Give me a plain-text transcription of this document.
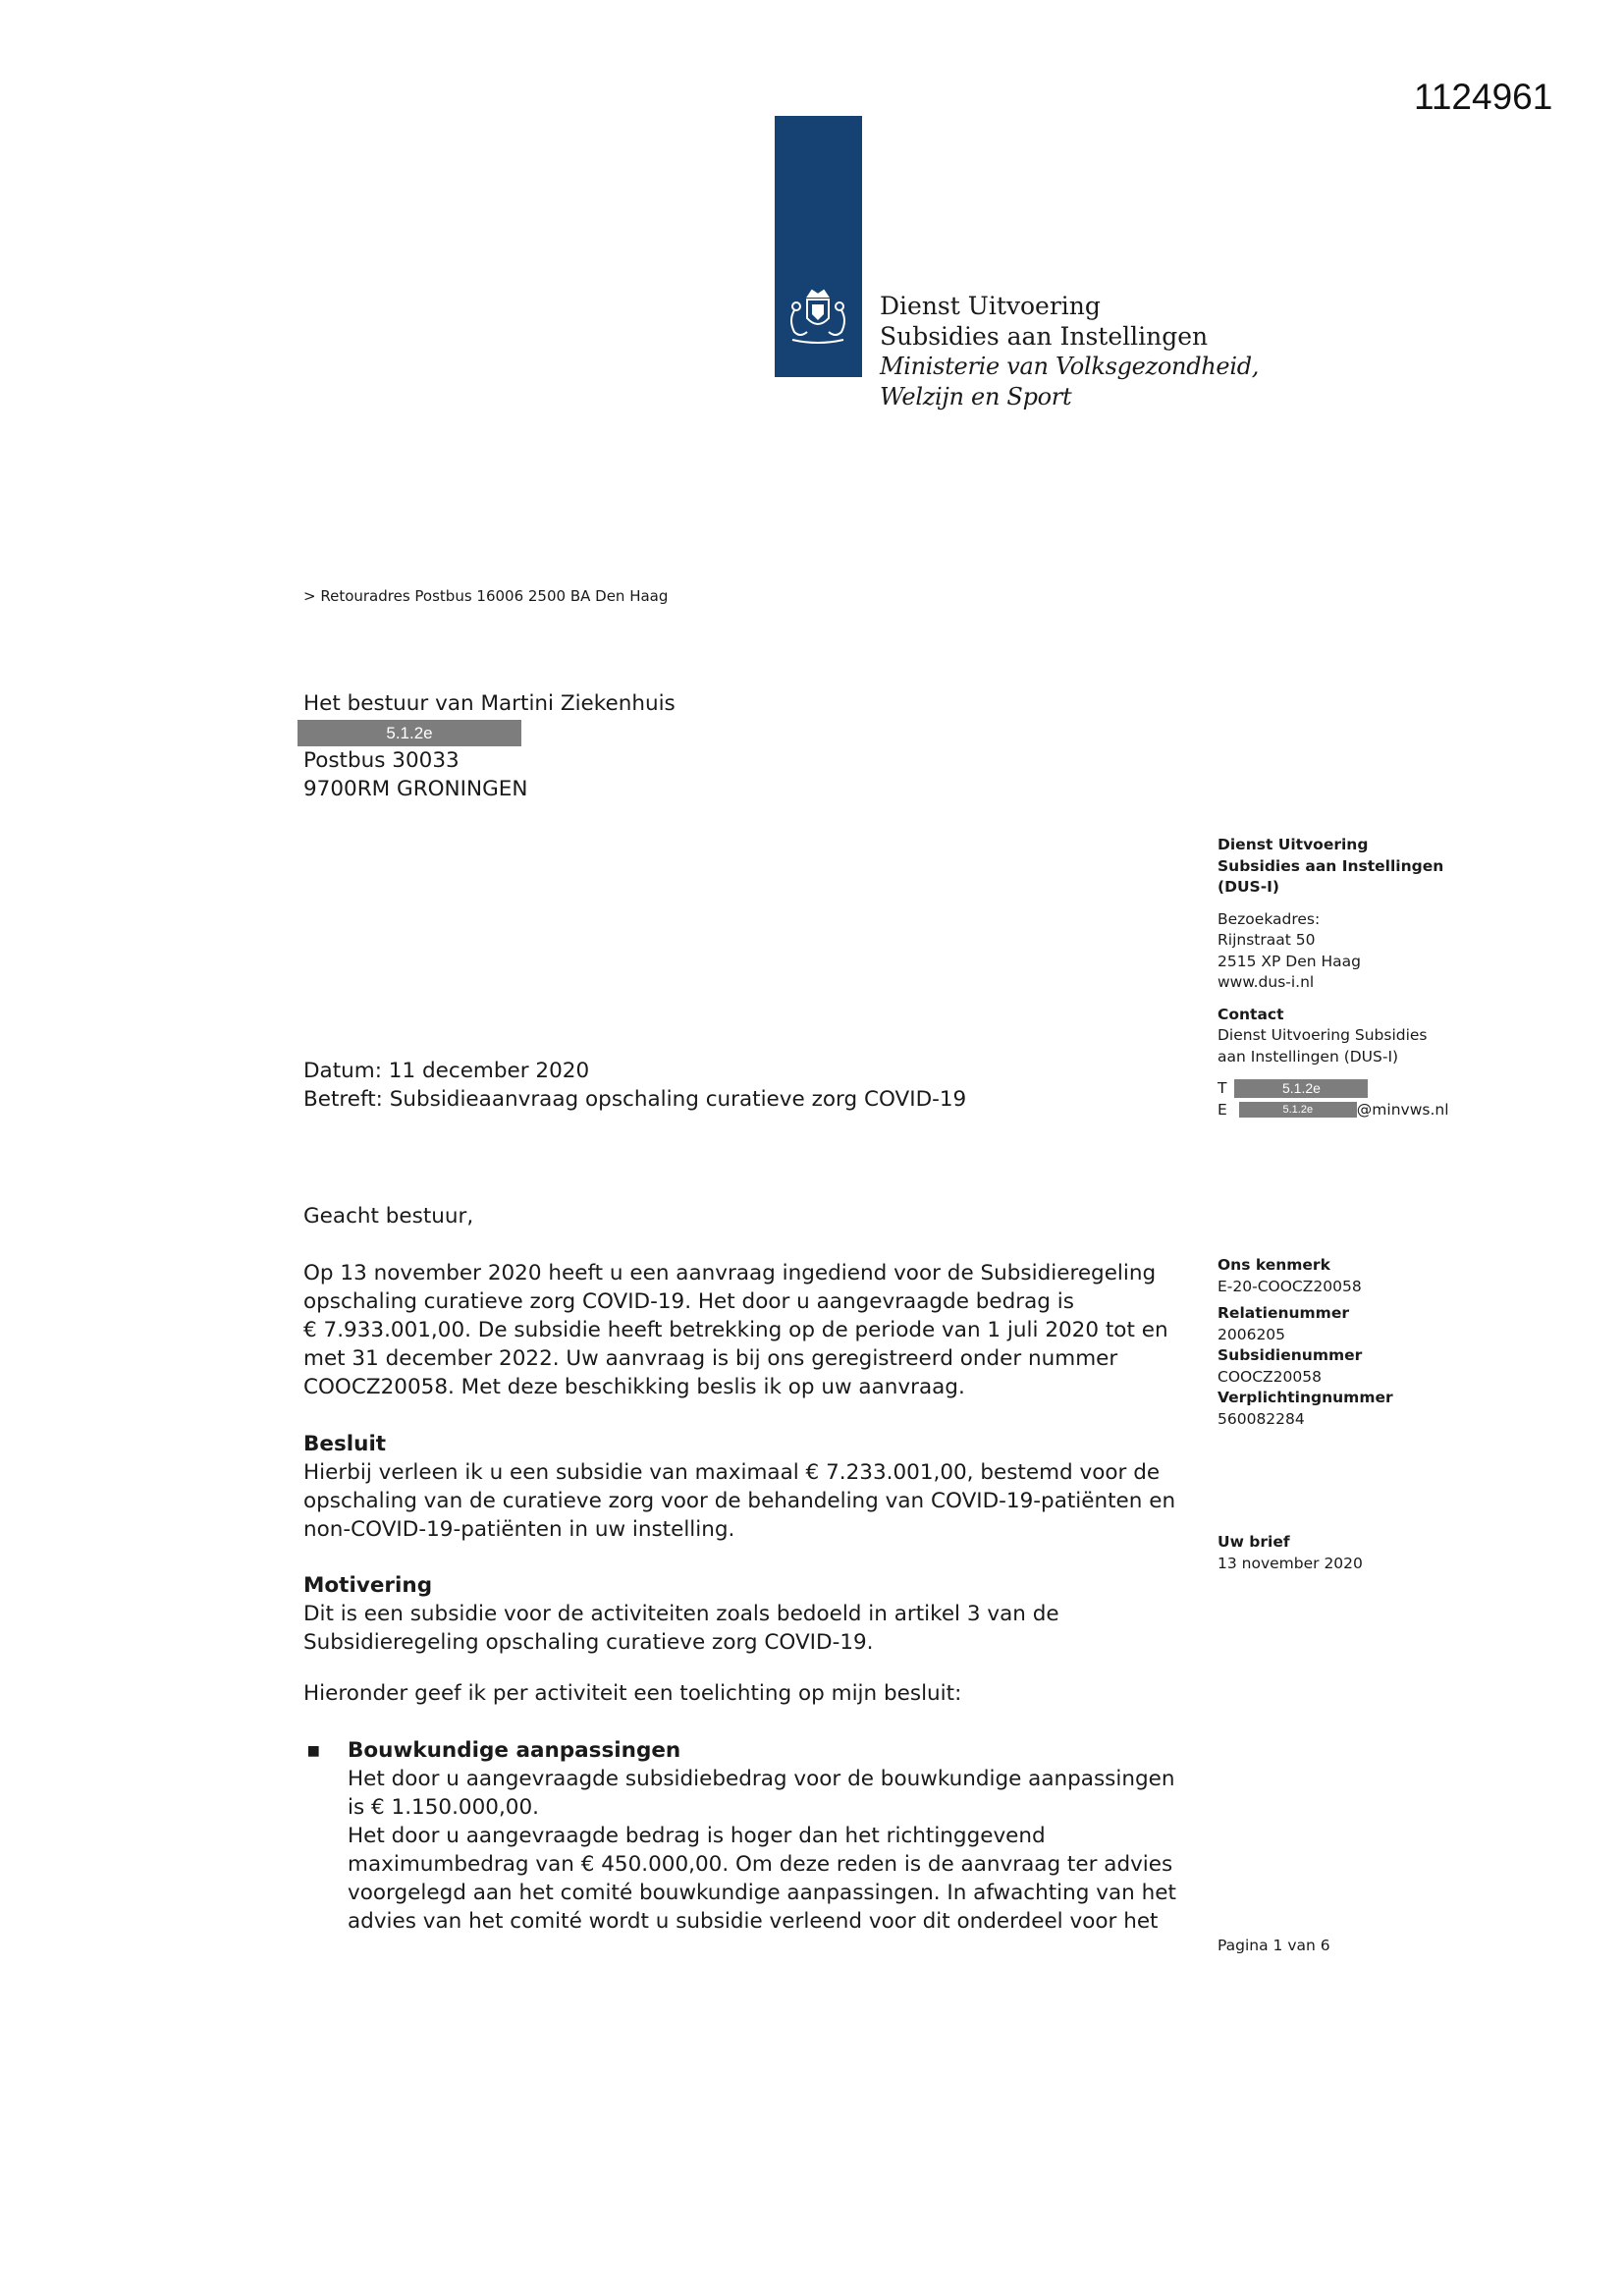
1124961
Dienst Uitvoering
Subsidies aan Instellingen
Ministerie van Volksgezondheid,
Welzijn en Sport
> Retouradres Postbus 16006 2500 BA Den Haag
Het bestuur van Martini Ziekenhuis
5.1.2e
Postbus 30033
9700RM GRONINGEN
Dienst Uitvoering
Subsidies aan Instellingen
(DUS-I)
Bezoekadres:
Rijnstraat 50
2515 XP Den Haag
www.dus-i.nl
Contact
Dienst Uitvoering Subsidies
aan Instellingen (DUS-I)
T	5.1.2e
E	5.1.2e	@minvws.nl
Datum: 11 december 2020
Betreft: Subsidieaanvraag opschaling curatieve zorg COVID-19
Ons kenmerk
E-20-COOCZ20058
Relatienummer
2006205
Subsidienummer
COOCZ20058
Verplichtingnummer
560082284
Uw brief
13 november 2020
Geacht bestuur,
Op 13 november 2020 heeft u een aanvraag ingediend voor de Subsidieregeling
opschaling curatieve zorg COVID-19. Het door u aangevraagde bedrag is
€ 7.933.001,00. De subsidie heeft betrekking op de periode van 1 juli 2020 tot en
met 31 december 2022. Uw aanvraag is bij ons geregistreerd onder nummer
COOCZ20058. Met deze beschikking beslis ik op uw aanvraag.
Besluit
Hierbij verleen ik u een subsidie van maximaal € 7.233.001,00, bestemd voor de
opschaling van de curatieve zorg voor de behandeling van COVID-19-patiënten en
non-COVID-19-patiënten in uw instelling.
Motivering
Dit is een subsidie voor de activiteiten zoals bedoeld in artikel 3 van de
Subsidieregeling opschaling curatieve zorg COVID-19.
Hieronder geef ik per activiteit een toelichting op mijn besluit:
▪ Bouwkundige aanpassingen
Het door u aangevraagde subsidiebedrag voor de bouwkundige aanpassingen
is € 1.150.000,00.
Het door u aangevraagde bedrag is hoger dan het richtinggevend
maximumbedrag van € 450.000,00. Om deze reden is de aanvraag ter advies
voorgelegd aan het comité bouwkundige aanpassingen. In afwachting van het
advies van het comité wordt u subsidie verleend voor dit onderdeel voor het
Pagina 1 van 6
